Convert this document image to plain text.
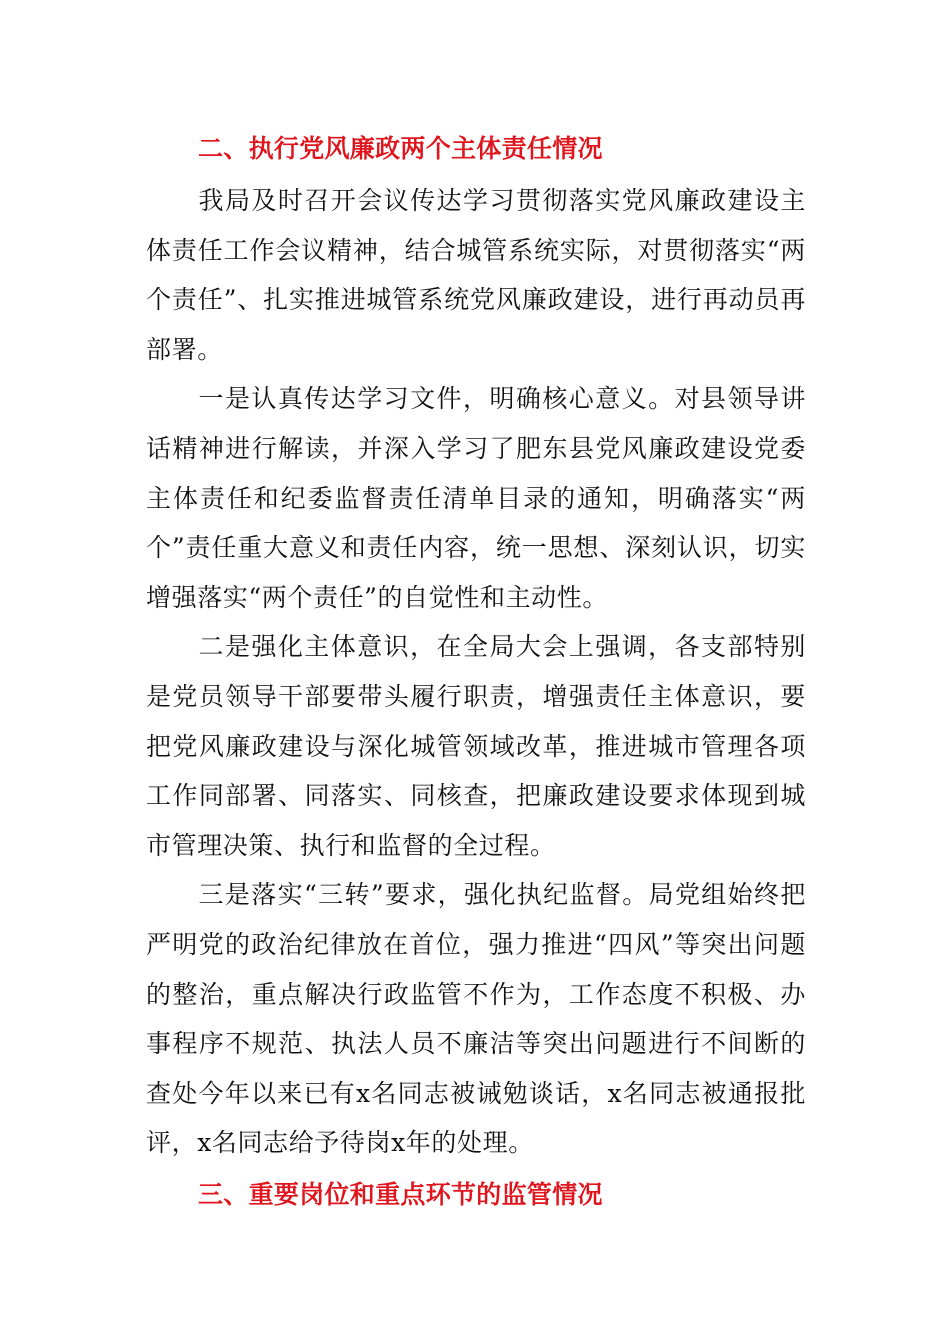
二、执行党风廉政两个主体责任情况

我局及时召开会议传达学习贯彻落实党风廉政建设主体责任工作会议精神，结合城管系统实际，对贯彻落实“两个责任”、扎实推进城管系统党风廉政建设，进行再动员再部署。

一是认真传达学习文件，明确核心意义。对县领导讲话精神进行解读，并深入学习了肥东县党风廉政建设党委主体责任和纪委监督责任清单目录的通知，明确落实“两个”责任重大意义和责任内容，统一思想、深刻认识，切实增强落实“两个责任”的自觉性和主动性。

二是强化主体意识，在全局大会上强调，各支部特别是党员领导干部要带头履行职责，增强责任主体意识，要把党风廉政建设与深化城管领域改革，推进城市管理各项工作同部署、同落实、同核查，把廉政建设要求体现到城市管理决策、执行和监督的全过程。

三是落实“三转”要求，强化执纪监督。局党组始终把严明党的政治纪律放在首位，强力推进“四风”等突出问题的整治，重点解决行政监管不作为，工作态度不积极、办事程序不规范、执法人员不廉洁等突出问题进行不间断的查处今年以来已有x名同志被诫勉谈话，x名同志被通报批评，x名同志给予待岗x年的处理。

三、重要岗位和重点环节的监管情况
